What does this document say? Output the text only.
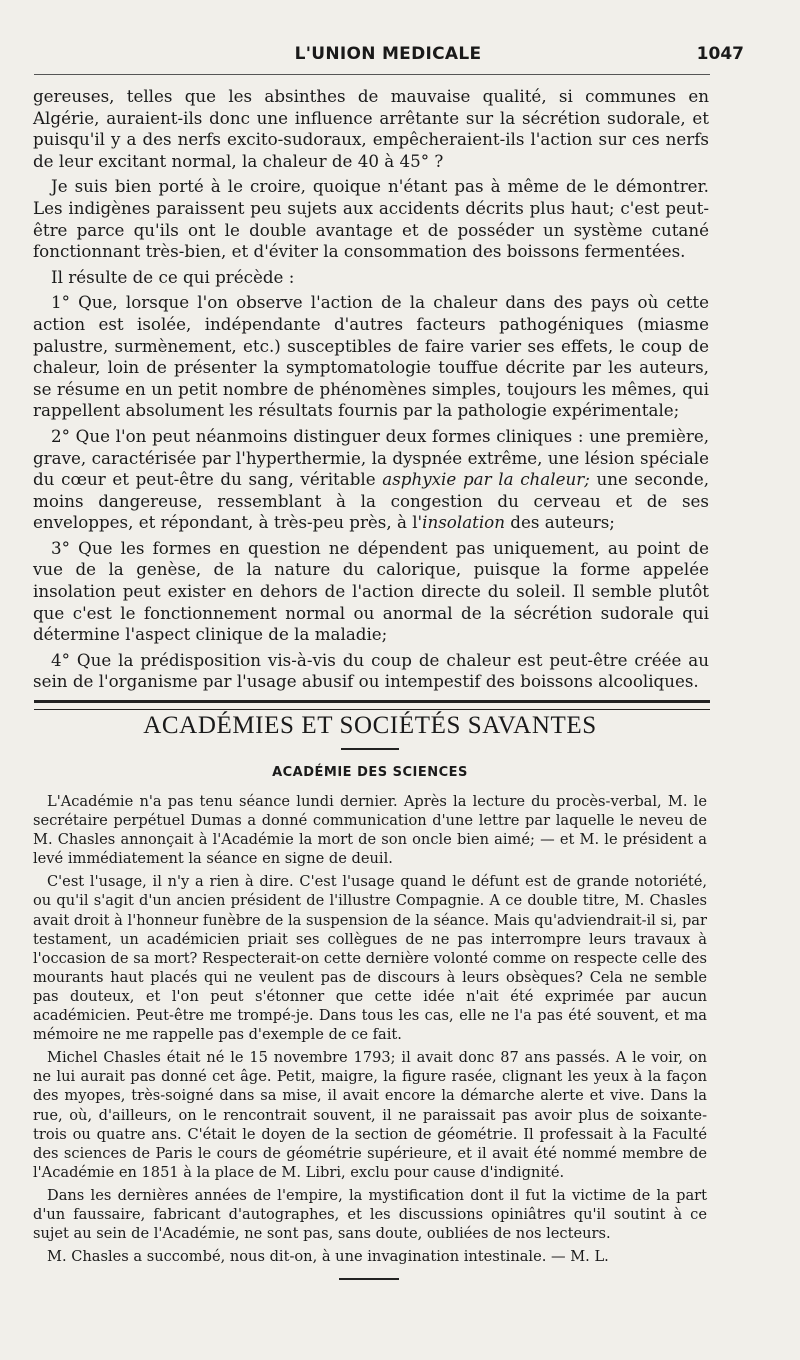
L'UNION MEDICALE	1047

gereuses, telles que les absinthes de mauvaise qualité, si communes en Algérie, auraient-ils donc une influence arrêtante sur la sécrétion sudorale, et puisqu'il y a des nerfs excito-sudoraux, empêcheraient-ils l'action sur ces nerfs de leur excitant normal, la chaleur de 40 à 45° ?

Je suis bien porté à le croire, quoique n'étant pas à même de le démontrer. Les indigènes paraissent peu sujets aux accidents décrits plus haut; c'est peut-être parce qu'ils ont le double avantage et de posséder un système cutané fonctionnant très-bien, et d'éviter la consommation des boissons fermentées.

Il résulte de ce qui précède :

1° Que, lorsque l'on observe l'action de la chaleur dans des pays où cette action est isolée, indépendante d'autres facteurs pathogéniques (miasme palustre, surmènement, etc.) susceptibles de faire varier ses effets, le coup de chaleur, loin de présenter la symptomatologie touffue décrite par les auteurs, se résume en un petit nombre de phénomènes simples, toujours les mêmes, qui rappellent absolument les résultats fournis par la pathologie expérimentale;

2° Que l'on peut néanmoins distinguer deux formes cliniques : une première, grave, caractérisée par l'hyperthermie, la dyspnée extrême, une lésion spéciale du cœur et peut-être du sang, véritable asphyxie par la chaleur; une seconde, moins dangereuse, ressemblant à la congestion du cerveau et de ses enveloppes, et répondant, à très-peu près, à l'insolation des auteurs;

3° Que les formes en question ne dépendent pas uniquement, au point de vue de la genèse, de la nature du calorique, puisque la forme appelée insolation peut exister en dehors de l'action directe du soleil. Il semble plutôt que c'est le fonctionnement normal ou anormal de la sécrétion sudorale qui détermine l'aspect clinique de la maladie;

4° Que la prédisposition vis-à-vis du coup de chaleur est peut-être créée au sein de l'organisme par l'usage abusif ou intempestif des boissons alcooliques.

ACADÉMIES ET SOCIÉTÉS SAVANTES
ACADÉMIE DES SCIENCES

L'Académie n'a pas tenu séance lundi dernier. Après la lecture du procès-verbal, M. le secrétaire perpétuel Dumas a donné communication d'une lettre par laquelle le neveu de M. Chasles annonçait à l'Académie la mort de son oncle bien aimé; — et M. le président a levé immédiatement la séance en signe de deuil.

C'est l'usage, il n'y a rien à dire. C'est l'usage quand le défunt est de grande notoriété, ou qu'il s'agit d'un ancien président de l'illustre Compagnie. A ce double titre, M. Chasles avait droit à l'honneur funèbre de la suspension de la séance. Mais qu'adviendrait-il si, par testament, un académicien priait ses collègues de ne pas interrompre leurs travaux à l'occasion de sa mort? Respecterait-on cette dernière volonté comme on respecte celle des mourants haut placés qui ne veulent pas de discours à leurs obsèques? Cela ne semble pas douteux, et l'on peut s'étonner que cette idée n'ait été exprimée par aucun académicien. Peut-être me trompé-je. Dans tous les cas, elle ne l'a pas été souvent, et ma mémoire ne me rappelle pas d'exemple de ce fait.

Michel Chasles était né le 15 novembre 1793; il avait donc 87 ans passés. A le voir, on ne lui aurait pas donné cet âge. Petit, maigre, la figure rasée, clignant les yeux à la façon des myopes, très-soigné dans sa mise, il avait encore la démarche alerte et vive. Dans la rue, où, d'ailleurs, on le rencontrait souvent, il ne paraissait pas avoir plus de soixante-trois ou quatre ans. C'était le doyen de la section de géométrie. Il professait à la Faculté des sciences de Paris le cours de géométrie supérieure, et il avait été nommé membre de l'Académie en 1851 à la place de M. Libri, exclu pour cause d'indignité.

Dans les dernières années de l'empire, la mystification dont il fut la victime de la part d'un faussaire, fabricant d'autographes, et les discussions opiniâtres qu'il soutint à ce sujet au sein de l'Académie, ne sont pas, sans doute, oubliées de nos lecteurs.

M. Chasles a succombé, nous dit-on, à une invagination intestinale. — M. L.
